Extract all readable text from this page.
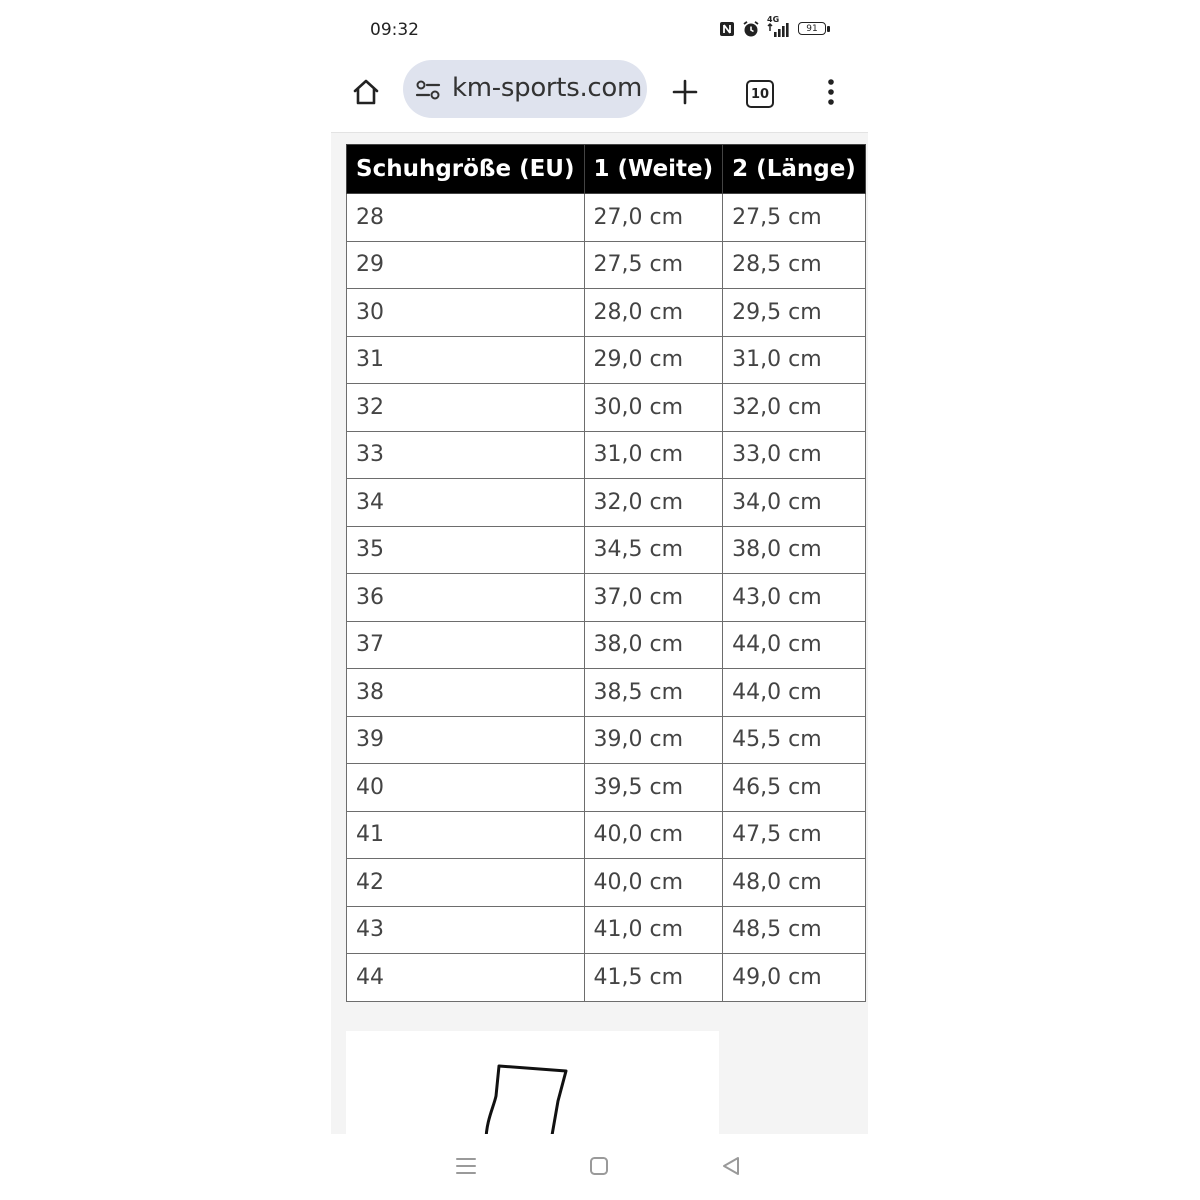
09:32
4G
91
km-sports.com	10
Schuhgröße (EU)	1 (Weite)	2 (Länge)
28	27,0 cm	27,5 cm
29	27,5 cm	28,5 cm
30	28,0 cm	29,5 cm
31	29,0 cm	31,0 cm
32	30,0 cm	32,0 cm
33	31,0 cm	33,0 cm
34	32,0 cm	34,0 cm
35	34,5 cm	38,0 cm
36	37,0 cm	43,0 cm
37	38,0 cm	44,0 cm
38	38,5 cm	44,0 cm
39	39,0 cm	45,5 cm
40	39,5 cm	46,5 cm
41	40,0 cm	47,5 cm
42	40,0 cm	48,0 cm
43	41,0 cm	48,5 cm
44	41,5 cm	49,0 cm
